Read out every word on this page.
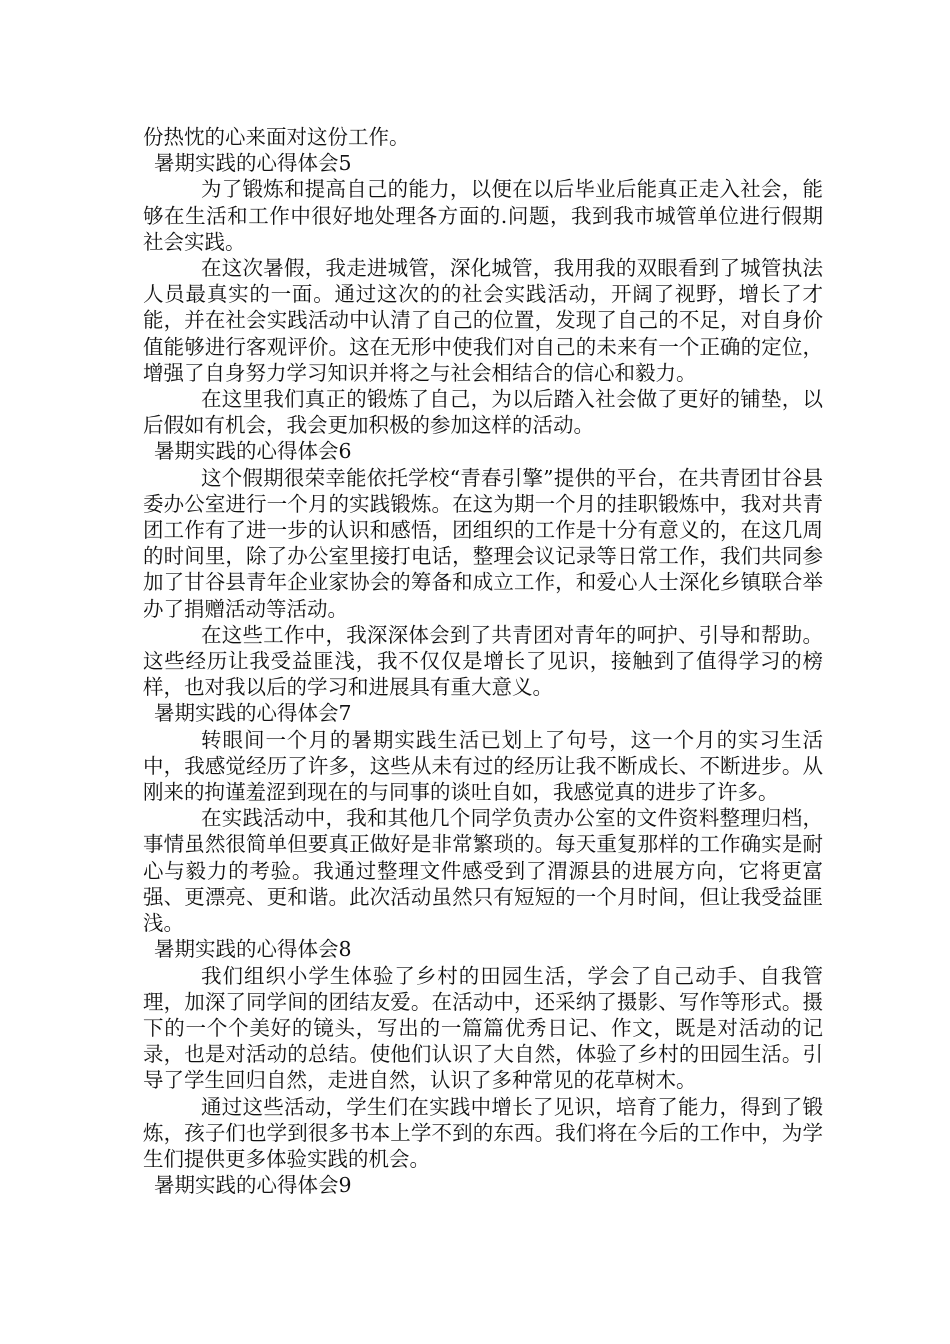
份热忱的心来面对这份工作。

暑期实践的心得体会5

为了锻炼和提高自己的能力，以便在以后毕业后能真正走入社会，能够在生活和工作中很好地处理各方面的.问题，我到我市城管单位进行假期社会实践。

在这次暑假，我走进城管，深化城管，我用我的双眼看到了城管执法人员最真实的一面。通过这次的的社会实践活动，开阔了视野，增长了才能，并在社会实践活动中认清了自己的位置，发现了自己的不足，对自身价值能够进行客观评价。这在无形中使我们对自己的未来有一个正确的定位，增强了自身努力学习知识并将之与社会相结合的信心和毅力。

在这里我们真正的锻炼了自己，为以后踏入社会做了更好的铺垫，以后假如有机会，我会更加积极的参加这样的活动。

暑期实践的心得体会6

这个假期很荣幸能依托学校“青春引擎”提供的平台，在共青团甘谷县委办公室进行一个月的实践锻炼。在这为期一个月的挂职锻炼中，我对共青团工作有了进一步的认识和感悟，团组织的工作是十分有意义的，在这几周的时间里，除了办公室里接打电话，整理会议记录等日常工作，我们共同参加了甘谷县青年企业家协会的筹备和成立工作，和爱心人士深化乡镇联合举办了捐赠活动等活动。

在这些工作中，我深深体会到了共青团对青年的呵护、引导和帮助。这些经历让我受益匪浅，我不仅仅是增长了见识，接触到了值得学习的榜样，也对我以后的学习和进展具有重大意义。

暑期实践的心得体会7

转眼间一个月的暑期实践生活已划上了句号，这一个月的实习生活中，我感觉经历了许多，这些从未有过的经历让我不断成长、不断进步。从刚来的拘谨羞涩到现在的与同事的谈吐自如，我感觉真的进步了许多。

在实践活动中，我和其他几个同学负责办公室的文件资料整理归档，事情虽然很简单但要真正做好是非常繁琐的。每天重复那样的工作确实是耐心与毅力的考验。我通过整理文件感受到了渭源县的进展方向，它将更富强、更漂亮、更和谐。此次活动虽然只有短短的一个月时间，但让我受益匪浅。

暑期实践的心得体会8

我们组织小学生体验了乡村的田园生活，学会了自己动手、自我管理，加深了同学间的团结友爱。在活动中，还采纳了摄影、写作等形式。摄下的一个个美好的镜头，写出的一篇篇优秀日记、作文，既是对活动的记录，也是对活动的总结。使他们认识了大自然，体验了乡村的田园生活。引导了学生回归自然，走进自然，认识了多种常见的花草树木。

通过这些活动，学生们在实践中增长了见识，培育了能力，得到了锻炼，孩子们也学到很多书本上学不到的东西。我们将在今后的工作中，为学生们提供更多体验实践的机会。

暑期实践的心得体会9
